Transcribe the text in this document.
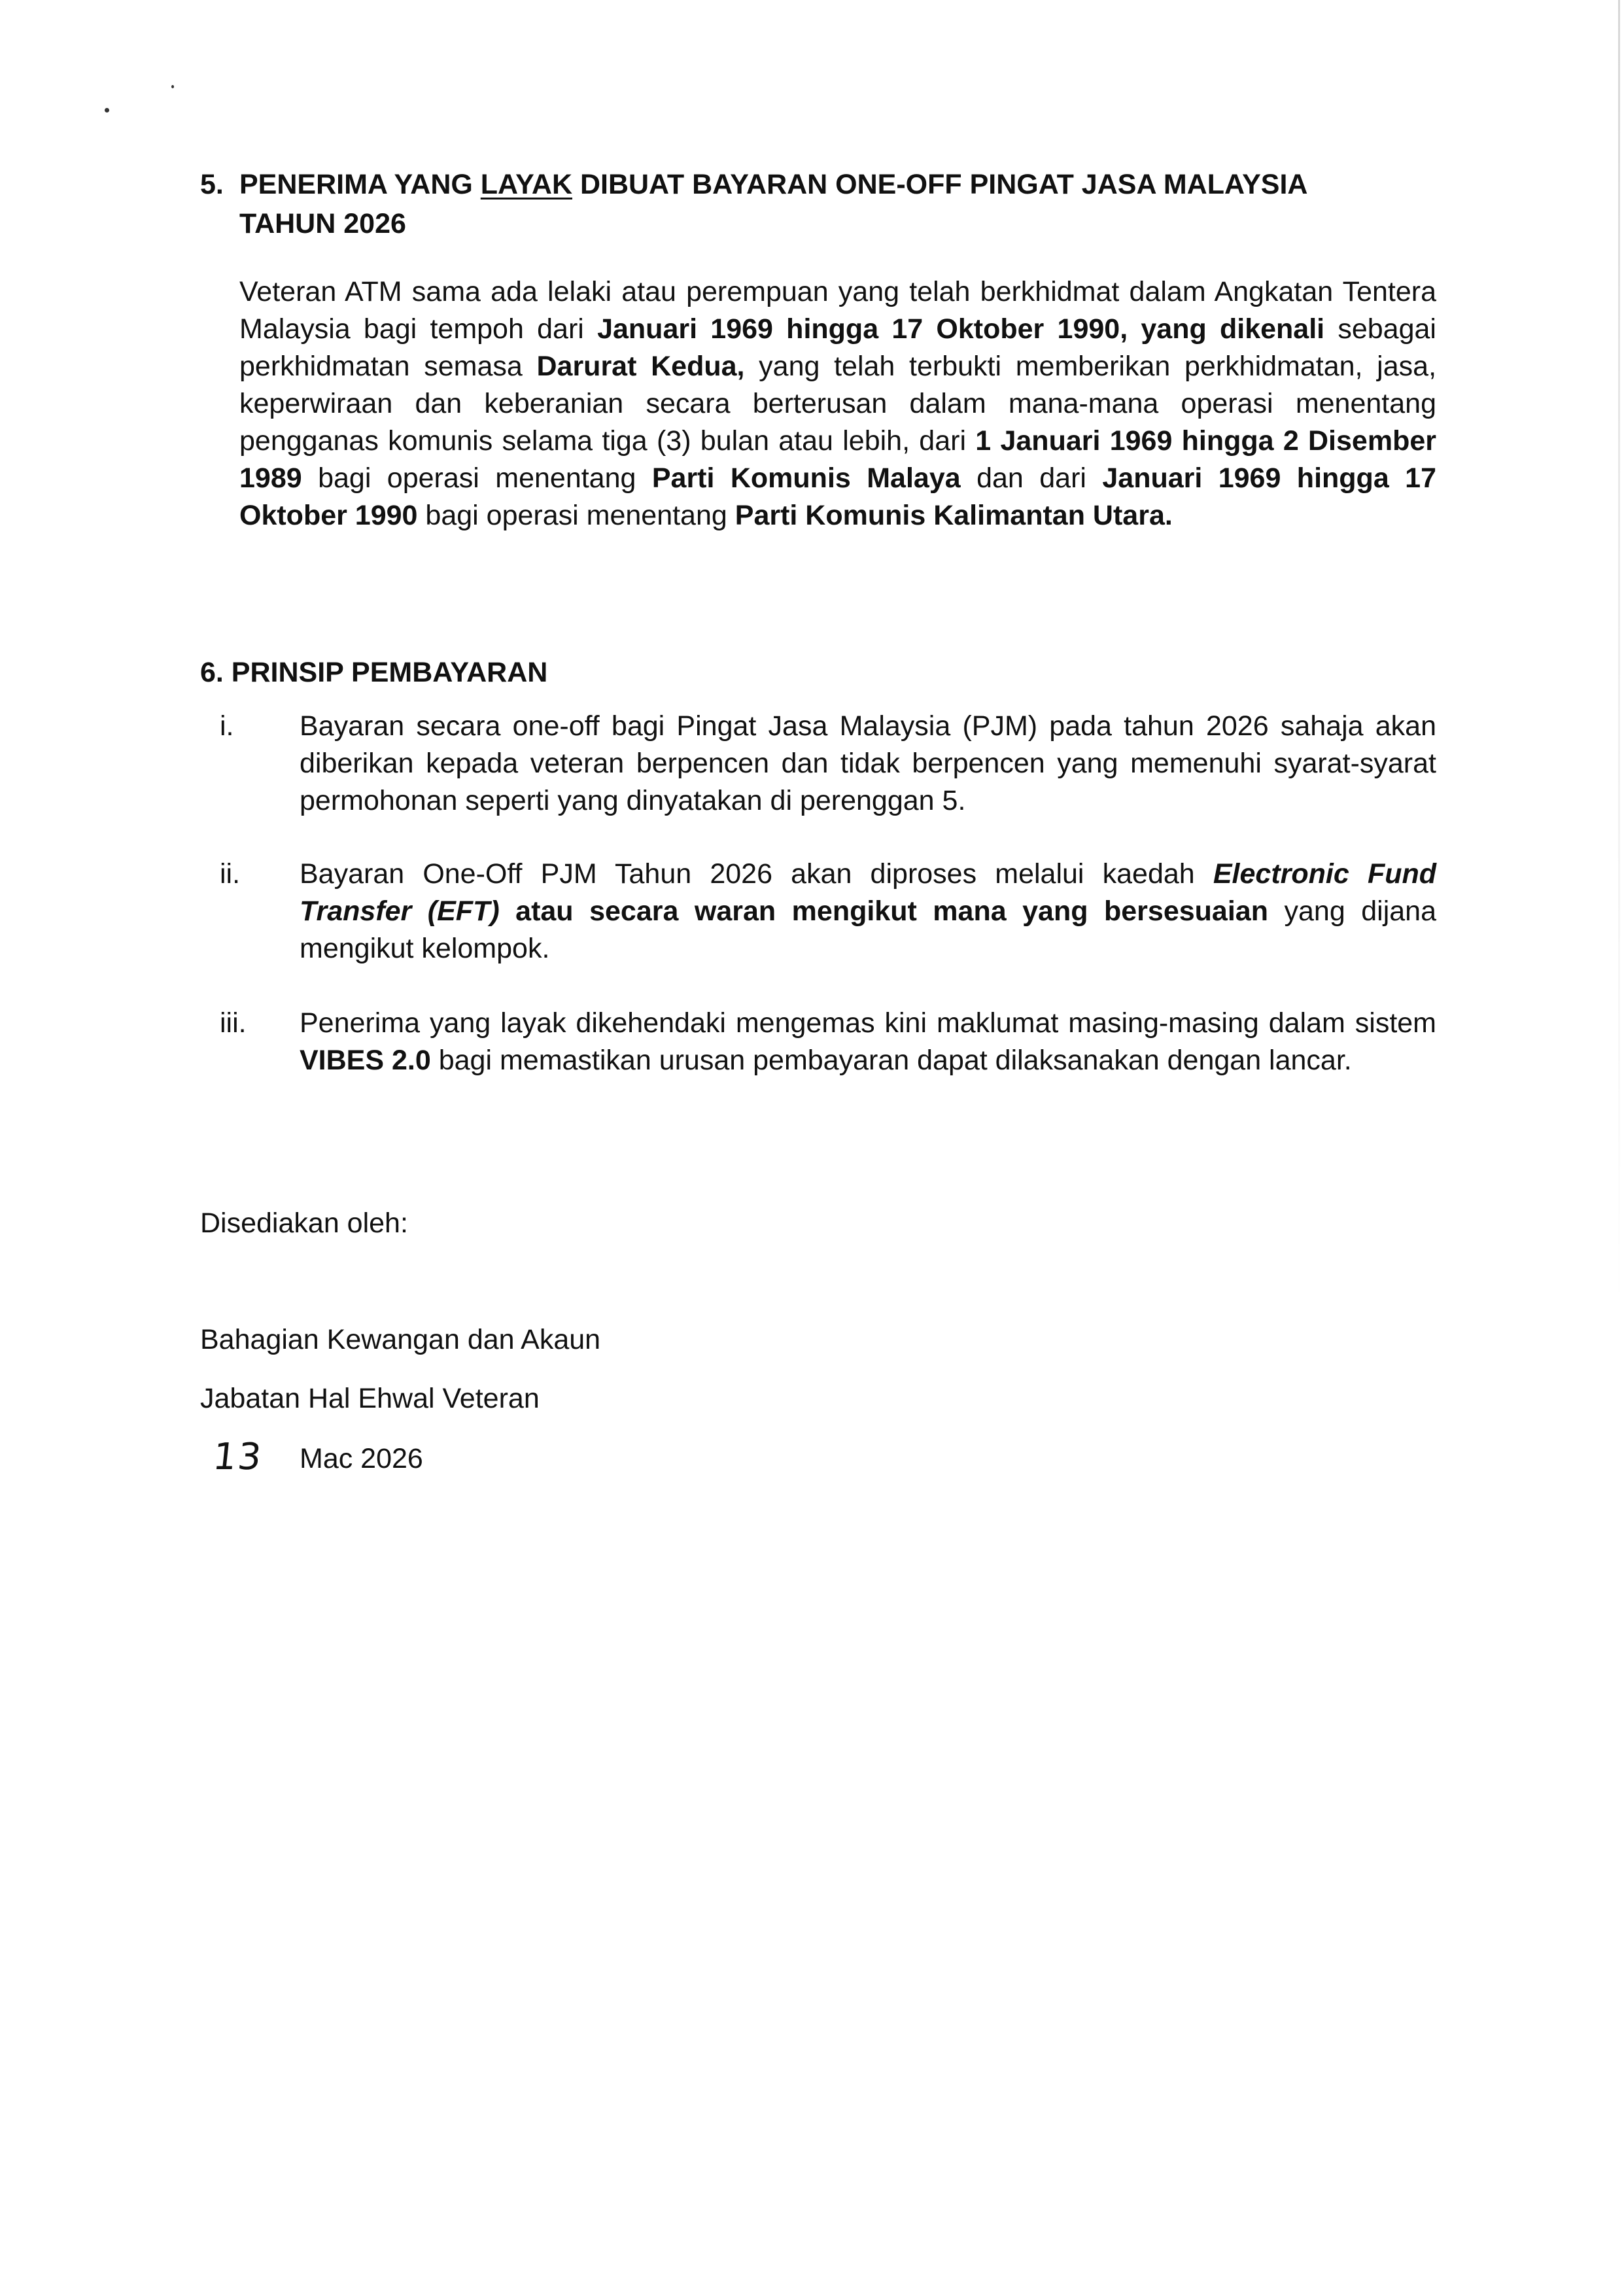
5. PENERIMA YANG LAYAK DIBUAT BAYARAN ONE-OFF PINGAT JASA MALAYSIA
TAHUN 2026
Veteran ATM sama ada lelaki atau perempuan yang telah berkhidmat dalam Angkatan Tentera Malaysia bagi tempoh dari Januari 1969 hingga 17 Oktober 1990, yang dikenali sebagai perkhidmatan semasa Darurat Kedua, yang telah terbukti memberikan perkhidmatan, jasa, keperwiraan dan keberanian secara berterusan dalam mana-mana operasi menentang pengganas komunis selama tiga (3) bulan atau lebih, dari 1 Januari 1969 hingga 2 Disember 1989 bagi operasi menentang Parti Komunis Malaya dan dari Januari 1969 hingga 17 Oktober 1990 bagi operasi menentang Parti Komunis Kalimantan Utara.
6. PRINSIP PEMBAYARAN
i.	Bayaran secara one-off bagi Pingat Jasa Malaysia (PJM) pada tahun 2026 sahaja akan diberikan kepada veteran berpencen dan tidak berpencen yang memenuhi syarat-syarat permohonan seperti yang dinyatakan di perenggan 5.
ii.	Bayaran One-Off PJM Tahun 2026 akan diproses melalui kaedah Electronic Fund Transfer (EFT) atau secara waran mengikut mana yang bersesuaian yang dijana mengikut kelompok.
iii.	Penerima yang layak dikehendaki mengemas kini maklumat masing-masing dalam sistem VIBES 2.0 bagi memastikan urusan pembayaran dapat dilaksanakan dengan lancar.
Disediakan oleh:
Bahagian Kewangan dan Akaun
Jabatan Hal Ehwal Veteran
13 Mac 2026
